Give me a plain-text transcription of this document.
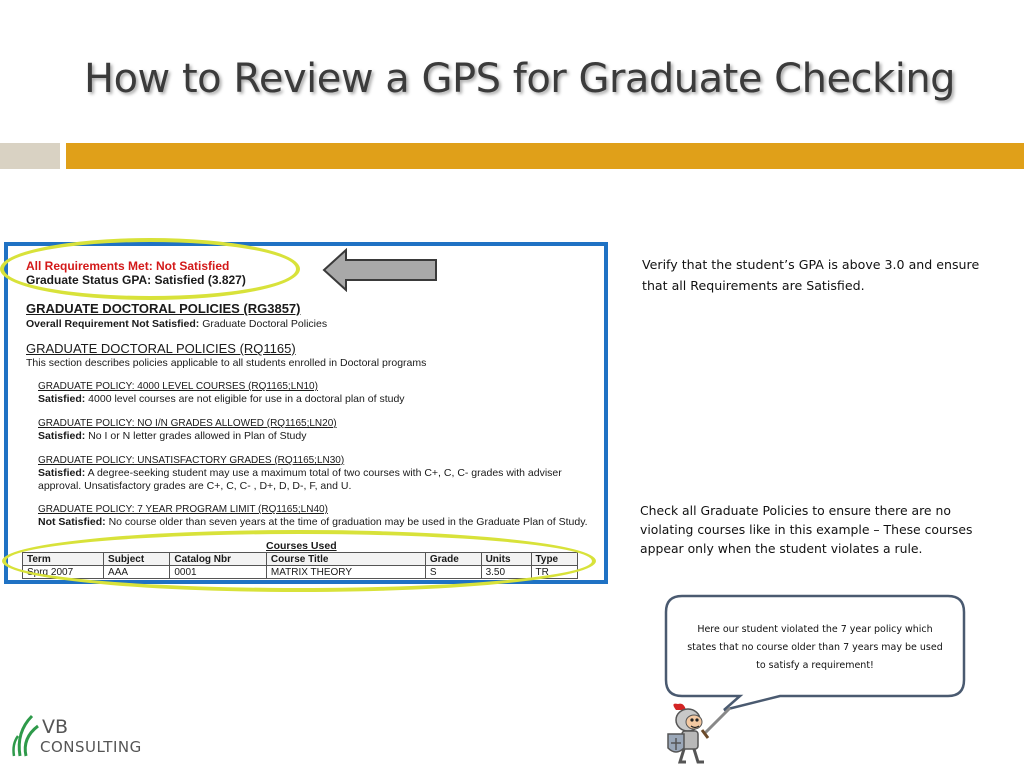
How to Review a GPS for Graduate Checking
All Requirements Met: Not Satisfied
Graduate Status GPA: Satisfied (3.827)
GRADUATE DOCTORAL POLICIES (RG3857)
Overall Requirement Not Satisfied: Graduate Doctoral Policies
GRADUATE DOCTORAL POLICIES (RQ1165)
This section describes policies applicable to all students enrolled in Doctoral programs
GRADUATE POLICY: 4000 LEVEL COURSES (RQ1165;LN10)
Satisfied: 4000 level courses are not eligible for use in a doctoral plan of study
GRADUATE POLICY: NO I/N GRADES ALLOWED (RQ1165;LN20)
Satisfied: No I or N letter grades allowed in Plan of Study
GRADUATE POLICY: UNSATISFACTORY GRADES (RQ1165;LN30)
Satisfied: A degree-seeking student may use a maximum total of two courses with C+, C, C- grades with adviser
approval. Unsatisfactory grades are C+, C, C- , D+, D, D-, F, and U.
GRADUATE POLICY: 7 YEAR PROGRAM LIMIT (RQ1165;LN40)
Not Satisfied: No course older than seven years at the time of graduation may be used in the Graduate Plan of Study.
Courses Used
Term	Subject	Catalog Nbr	Course Title	Grade	Units	Type
Sprg 2007	AAA	0001	MATRIX THEORY	S	3.50	TR

Verify that the student’s GPA is above 3.0 and ensure that all Requirements are Satisfied.

Check all Graduate Policies to ensure there are no violating courses like in this example – These courses appear only when the student violates a rule.

Here our student violated the 7 year policy which states that no course older than 7 years may be used to satisfy a requirement!
VB
CONSULTING
